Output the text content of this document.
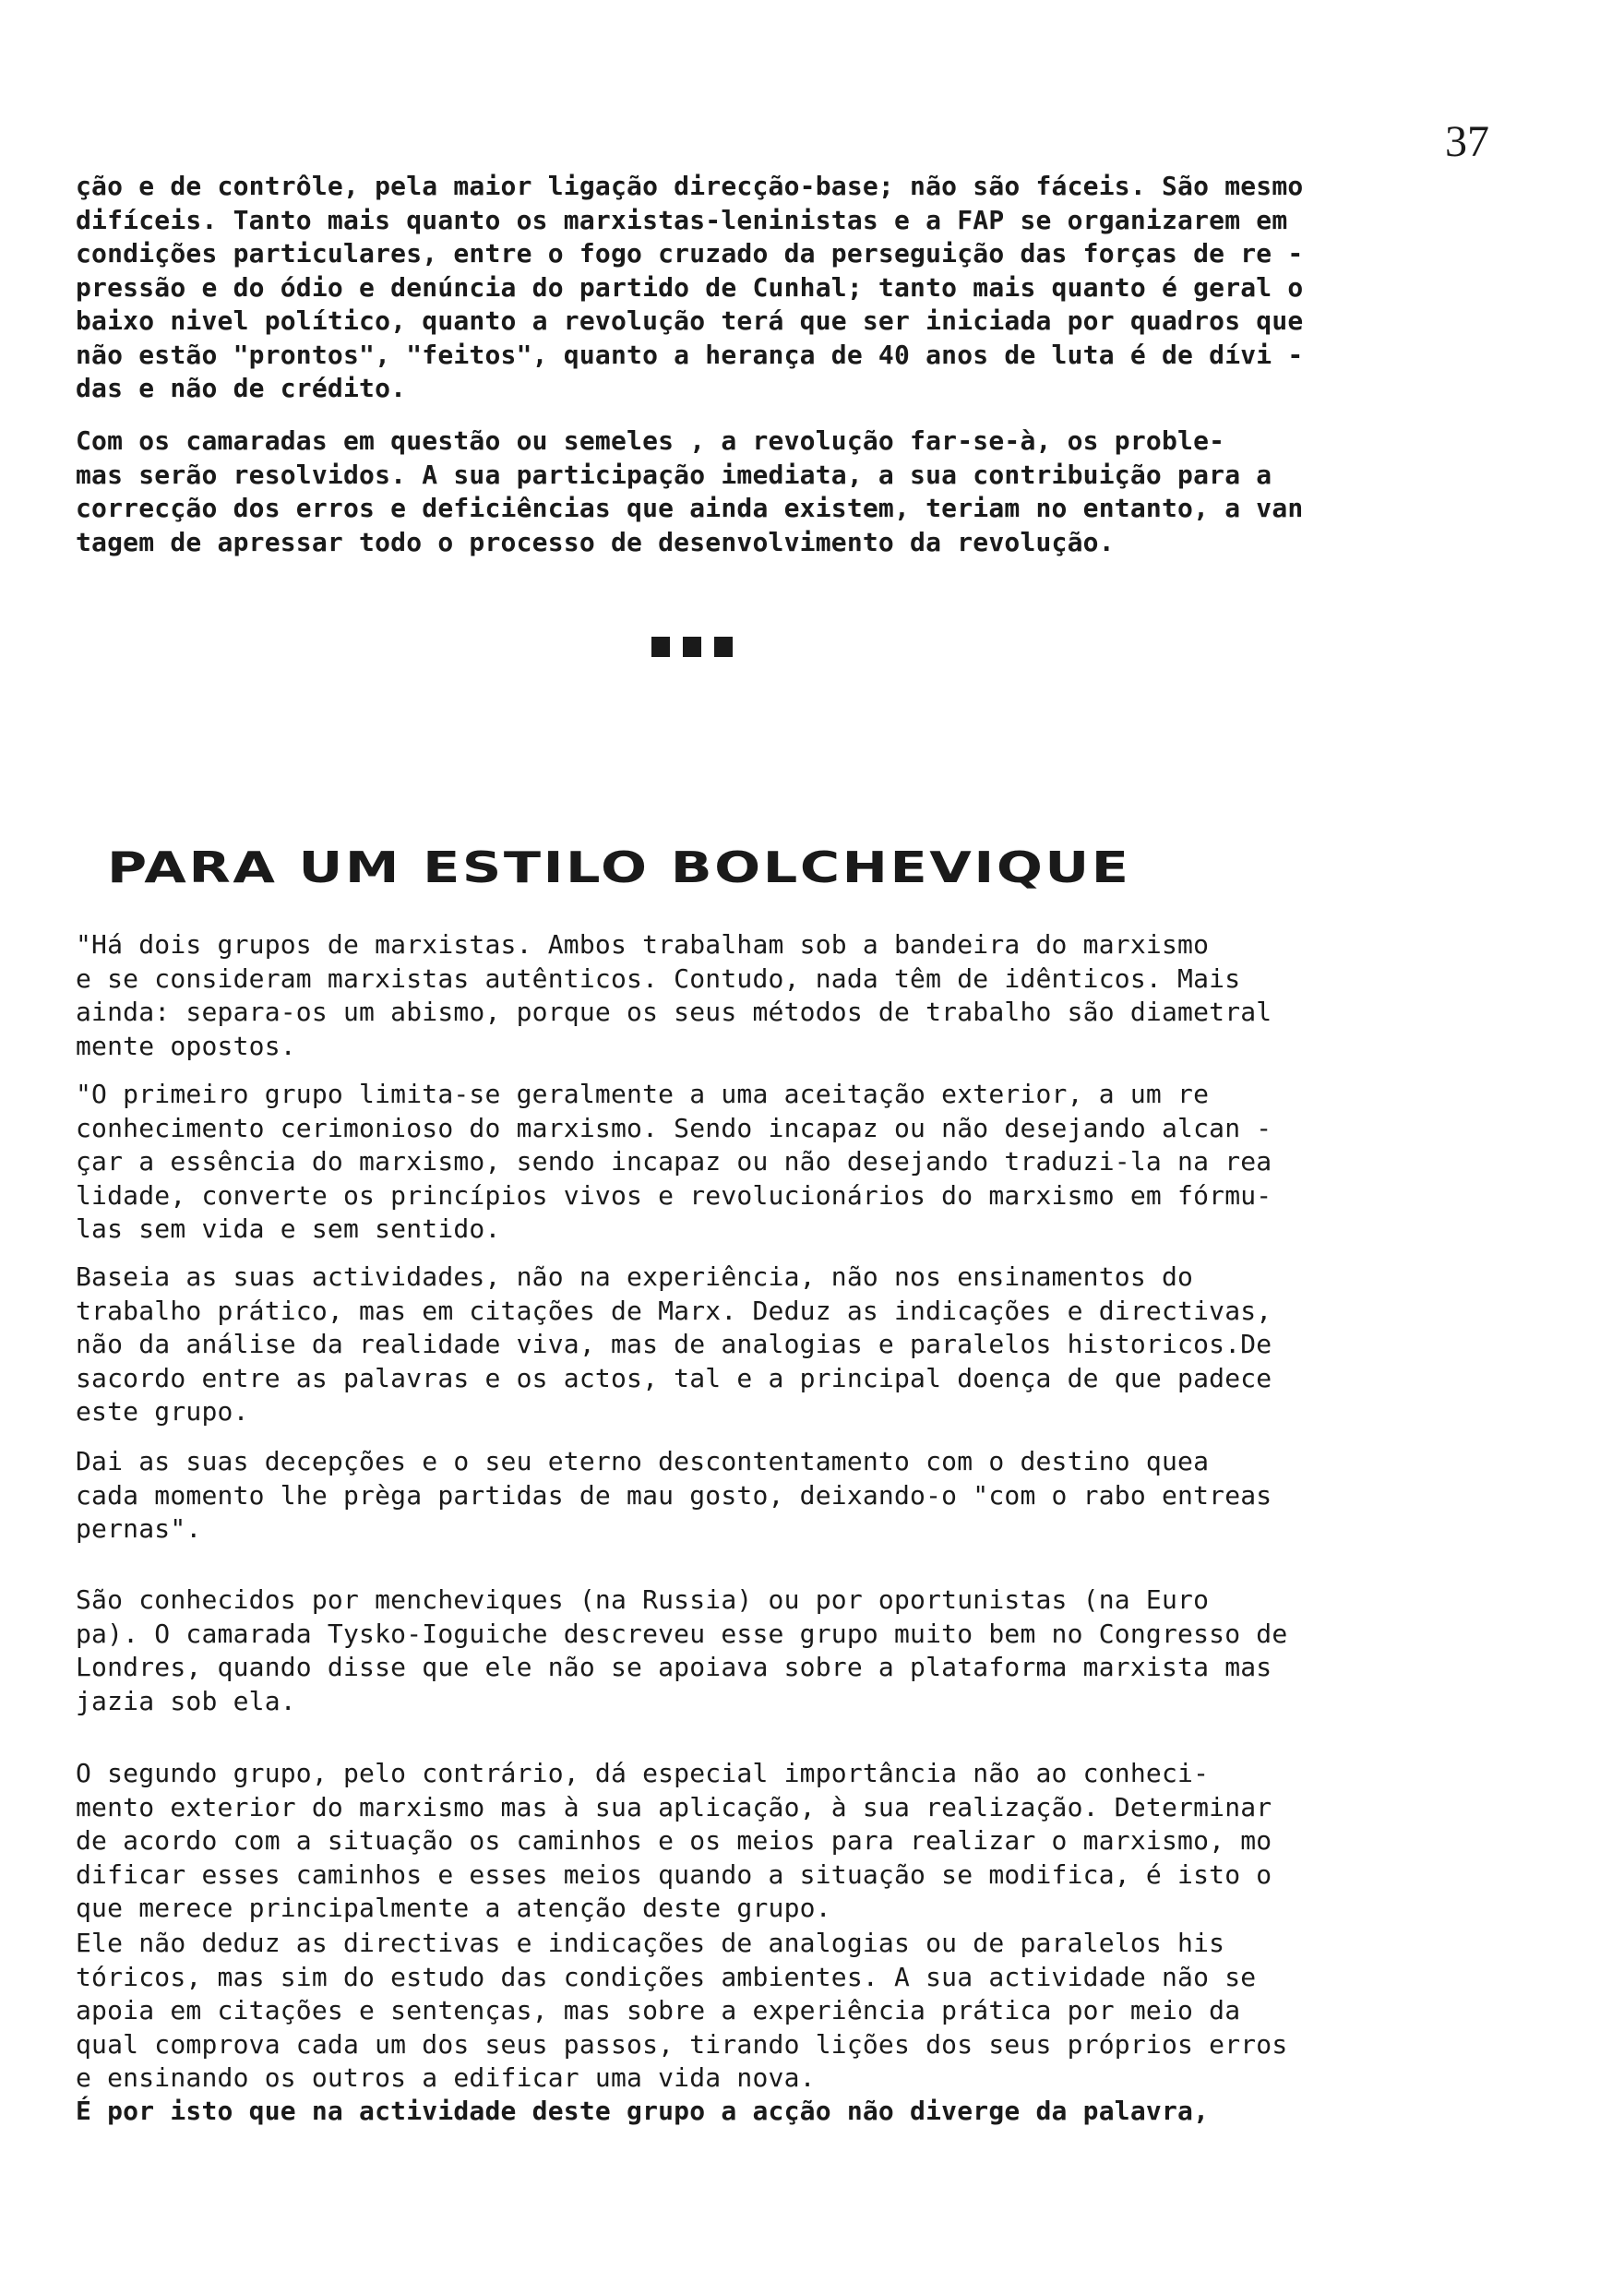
37

ção e de contrôle, pela maior ligação direcção-base; não são fáceis. São mesmo
difíceis. Tanto mais quanto os marxistas-leninistas e a FAP se organizarem em
condições particulares, entre o fogo cruzado da perseguição das forças de re -
pressão e do ódio e denúncia do partido de Cunhal; tanto mais quanto é geral o
baixo nivel político, quanto a revolução terá que ser iniciada por quadros que
não estão "prontos", "feitos", quanto a herança de 40 anos de luta é de dívi -
das e não de crédito.

Com os camaradas em questão ou semeles , a revolução far-se-à, os proble-
mas serão resolvidos. A sua participação imediata, a sua contribuição para a
correcção dos erros e deficiências que ainda existem, teriam no entanto, a van
tagem de apressar todo o processo de desenvolvimento da revolução.

PARA UM ESTILO BOLCHEVIQUE

"Há dois grupos de marxistas. Ambos trabalham sob a bandeira do marxismo
e se consideram marxistas autênticos. Contudo, nada têm de idênticos. Mais
ainda: separa-os um abismo, porque os seus métodos de trabalho são diametral
mente opostos.

"O primeiro grupo limita-se geralmente a uma aceitação exterior, a um re
conhecimento cerimonioso do marxismo. Sendo incapaz ou não desejando alcan -
çar a essência do marxismo, sendo incapaz ou não desejando traduzi-la na rea
lidade, converte os princípios vivos e revolucionários do marxismo em fórmu-
las sem vida e sem sentido.

Baseia as suas actividades, não na experiência, não nos ensinamentos do
trabalho prático, mas em citações de Marx. Deduz as indicações e directivas,
não da análise da realidade viva, mas de analogias e paralelos historicos.De
sacordo entre as palavras e os actos, tal e a principal doença de que padece
este grupo.

Dai as suas decepções e o seu eterno descontentamento com o destino quea
cada momento lhe prèga partidas de mau gosto, deixando-o "com o rabo entreas
pernas".

São conhecidos por mencheviques (na Russia) ou por oportunistas (na Euro
pa). O camarada Tysko-Ioguiche descreveu esse grupo muito bem no Congresso de
Londres, quando disse que ele não se apoiava sobre a plataforma marxista mas
jazia sob ela.

O segundo grupo, pelo contrário, dá especial importância não ao conheci-
mento exterior do marxismo mas à sua aplicação, à sua realização. Determinar
de acordo com a situação os caminhos e os meios para realizar o marxismo, mo
dificar esses caminhos e esses meios quando a situação se modifica, é isto o
que merece principalmente a atenção deste grupo.

Ele não deduz as directivas e indicações de analogias ou de paralelos his
tóricos, mas sim do estudo das condições ambientes. A sua actividade não se
apoia em citações e sentenças, mas sobre a experiência prática por meio da
qual comprova cada um dos seus passos, tirando lições dos seus próprios erros
e ensinando os outros a edificar uma vida nova.

É por isto que na actividade deste grupo a acção não diverge da palavra,
